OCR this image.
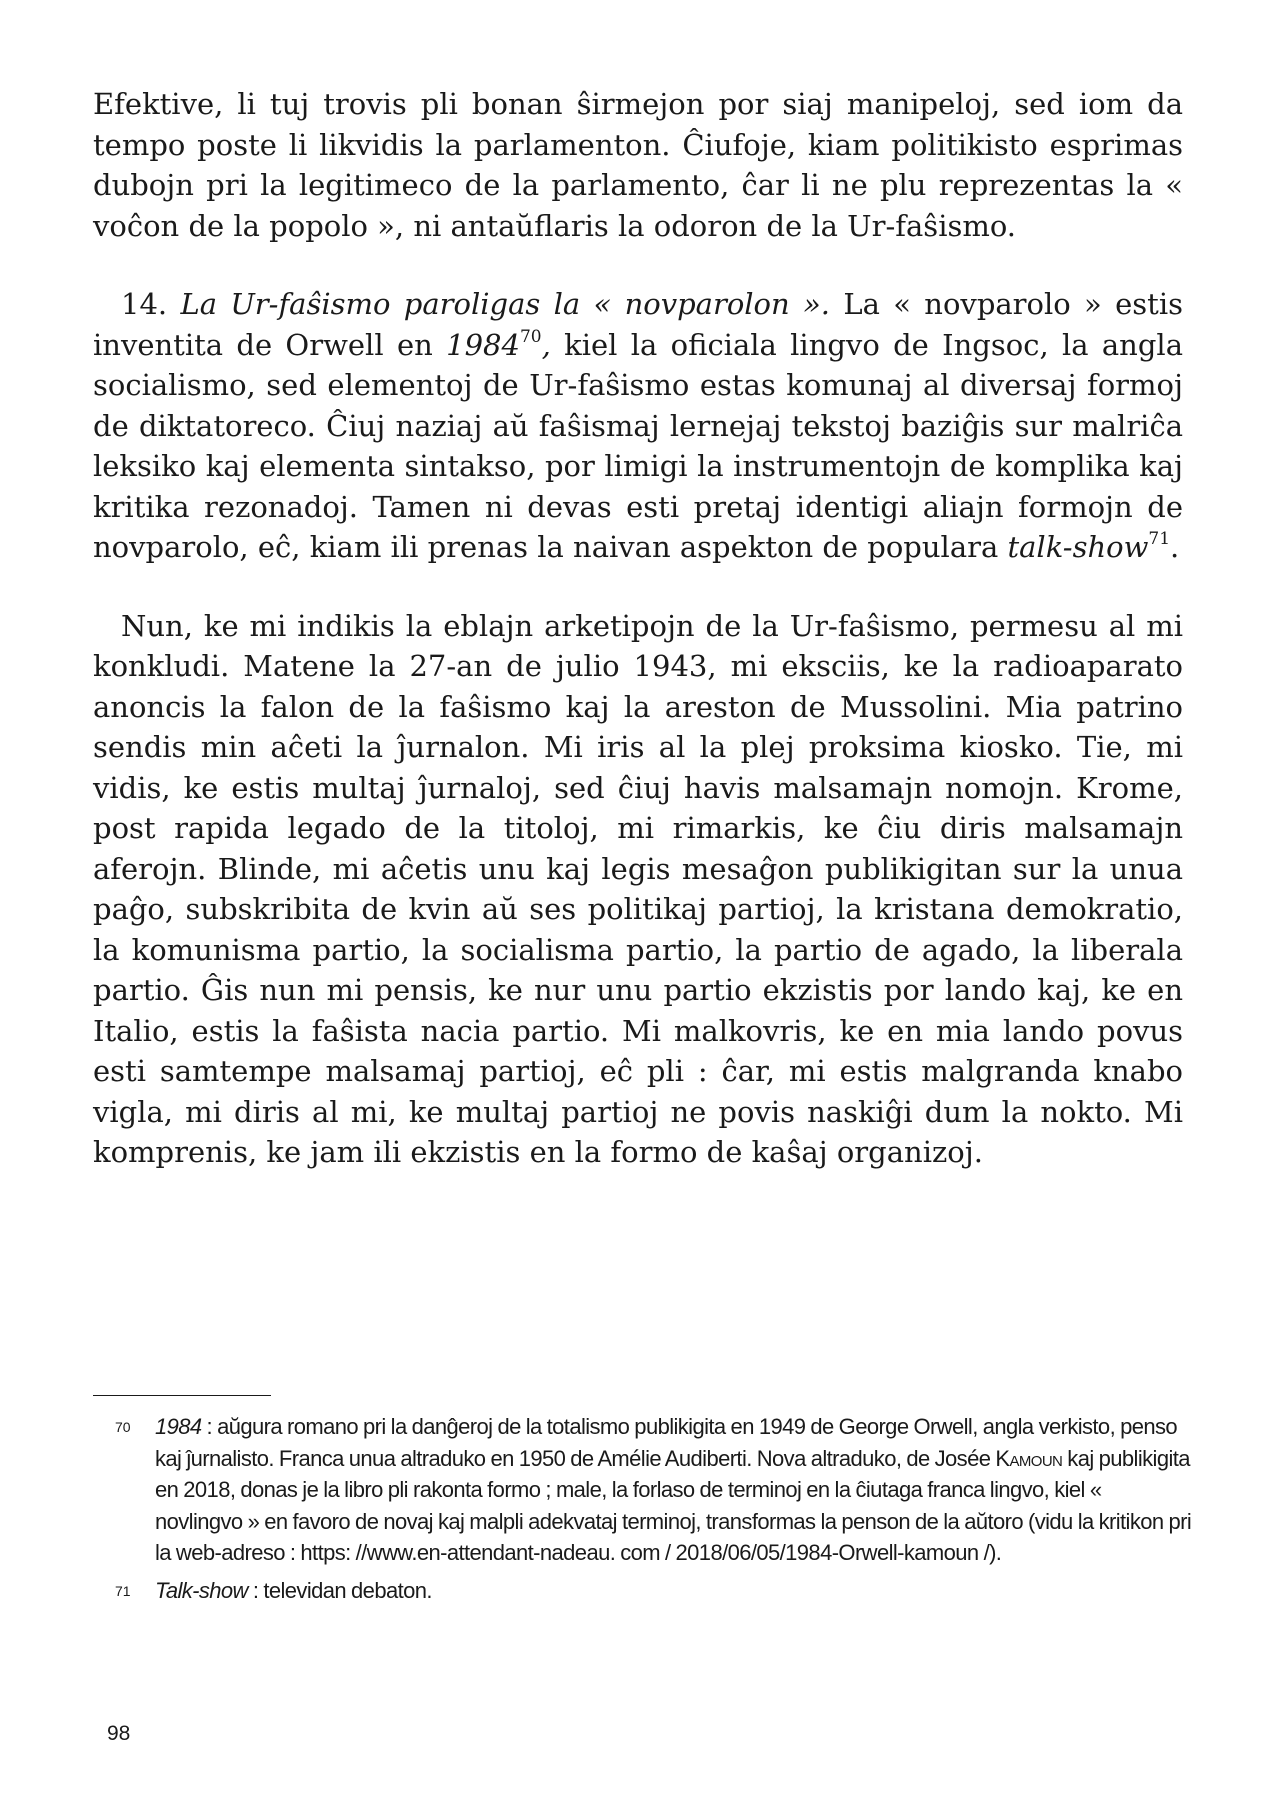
Efektive, li tuj trovis pli bonan ŝirmejon por siaj manipeloj, sed iom da tempo poste li likvidis la parlamenton. Ĉiufoje, kiam politikisto esprimas dubojn pri la legitimeco de la parlamento, ĉar li ne plu reprezentas la « voĉon de la popolo », ni antaŭflaris la odoron de la Ur-faŝismo.

14. La Ur-faŝismo paroligas la « novparolon ». La « novparolo » estis inventita de Orwell en 1984$^{70}$, kiel la oficiala lingvo de Ingsoc, la angla socialismo, sed elementoj de Ur-faŝismo estas komunaj al diversaj formoj de diktatoreco. Ĉiuj naziaj aŭ faŝismaj lernejaj tekstoj baziĝis sur malriĉa leksiko kaj elementa sintakso, por limigi la instrumentojn de komplika kaj kritika rezonadoj. Tamen ni devas esti pretaj identigi aliajn formojn de novparolo, eĉ, kiam ili prenas la naivan aspekton de populara talk-show$^{71}$.

Nun, ke mi indikis la eblajn arketipojn de la Ur-faŝismo, permesu al mi konkludi. Matene la 27-an de julio 1943, mi eksciis, ke la radioaparato anoncis la falon de la faŝismo kaj la areston de Mussolini. Mia patrino sendis min aĉeti la ĵurnalon. Mi iris al la plej proksima kiosko. Tie, mi vidis, ke estis multaj ĵurnaloj, sed ĉiuj havis malsamajn nomojn. Krome, post rapida legado de la titoloj, mi rimarkis, ke ĉiu diris malsamajn aferojn. Blinde, mi aĉetis unu kaj legis mesaĝon publikigitan sur la unua paĝo, subskribita de kvin aŭ ses politikaj partioj, la kristana demokratio, la komunisma partio, la socialisma partio, la partio de agado, la liberala partio. Ĝis nun mi pensis, ke nur unu partio ekzistis por lando kaj, ke en Italio, estis la faŝista nacia partio. Mi malkovris, ke en mia lando povus esti samtempe malsamaj partioj, eĉ pli : ĉar, mi estis malgranda knabo vigla, mi diris al mi, ke multaj partioj ne povis naskiĝi dum la nokto. Mi komprenis, ke jam ili ekzistis en la formo de kaŝaj organizoj.

70 1984 : aŭgura romano pri la danĝeroj de la totalismo publikigita en 1949 de George Orwell, angla verkisto, penso kaj ĵurnalisto. Franca unua altraduko en 1950 de Amélie Audiberti. Nova altraduko, de Josée Kamoun kaj publikigita en 2018, donas je la libro pli rakonta formo ; male, la forlaso de terminoj en la ĉiutaga franca lingvo, kiel « novlingvo » en favoro de novaj kaj malpli adekvataj terminoj, transformas la penson de la aŭtoro (vidu la kritikon pri la web-adreso : https: //www.en-attendant-nadeau. com / 2018/06/05/1984-Orwell-kamoun /).

71 Talk-show : televidan debaton.

98
